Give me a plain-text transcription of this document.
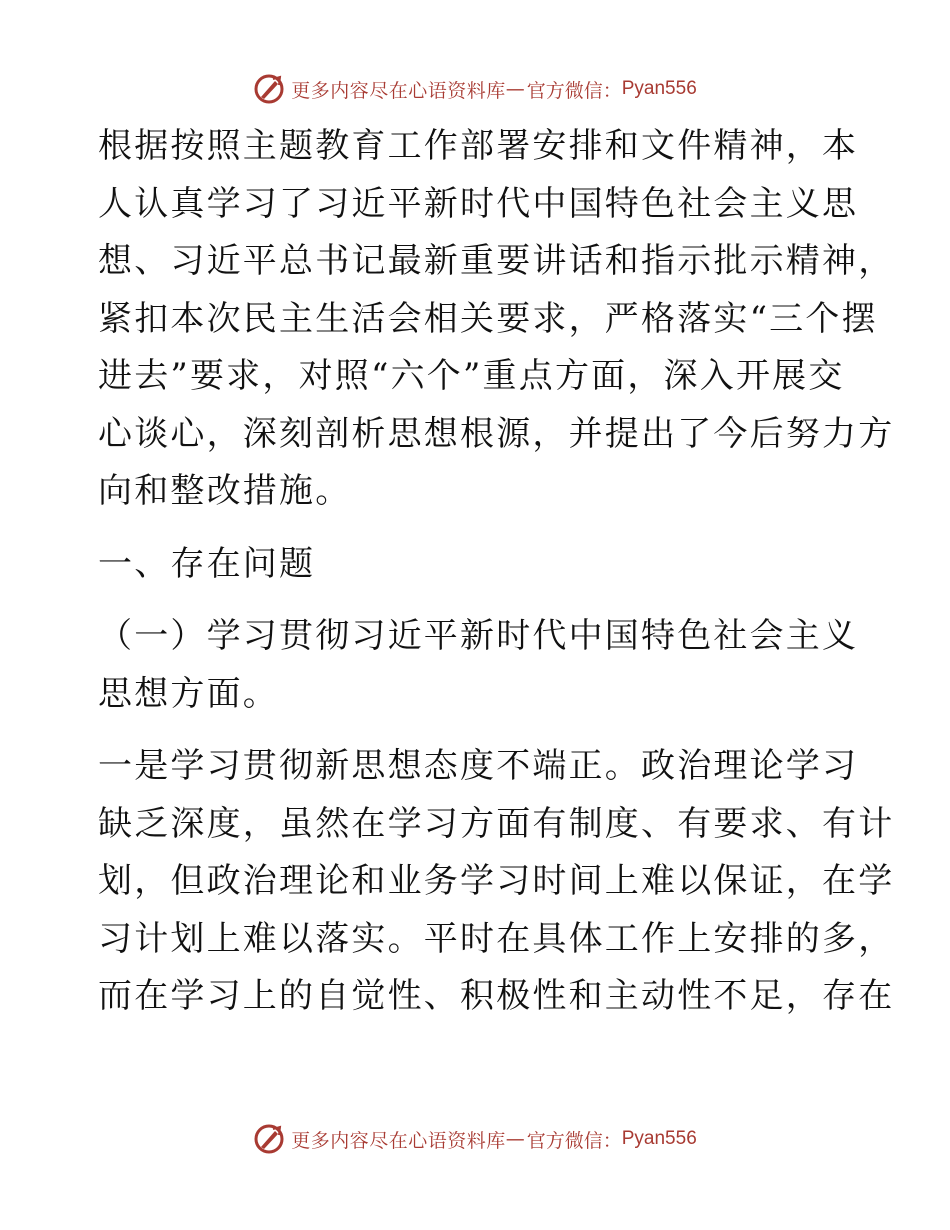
更多内容尽在心语资料库 — 官方微信： Pyan556
根据按照主题教育工作部署安排和文件精神，本
人认真学习了习近平新时代中国特色社会主义思
想、习近平总书记最新重要讲话和指示批示精神，
紧扣本次民主生活会相关要求，严格落实“三个摆
进去”要求，对照“六个”重点方面，深入开展交
心谈心，深刻剖析思想根源，并提出了今后努力方
向和整改措施。
一、存在问题
（一）学习贯彻习近平新时代中国特色社会主义
思想方面。
一是学习贯彻新思想态度不端正。政治理论学习
缺乏深度，虽然在学习方面有制度、有要求、有计
划，但政治理论和业务学习时间上难以保证，在学
习计划上难以落实。平时在具体工作上安排的多，
而在学习上的自觉性、积极性和主动性不足，存在
更多内容尽在心语资料库 — 官方微信： Pyan556
